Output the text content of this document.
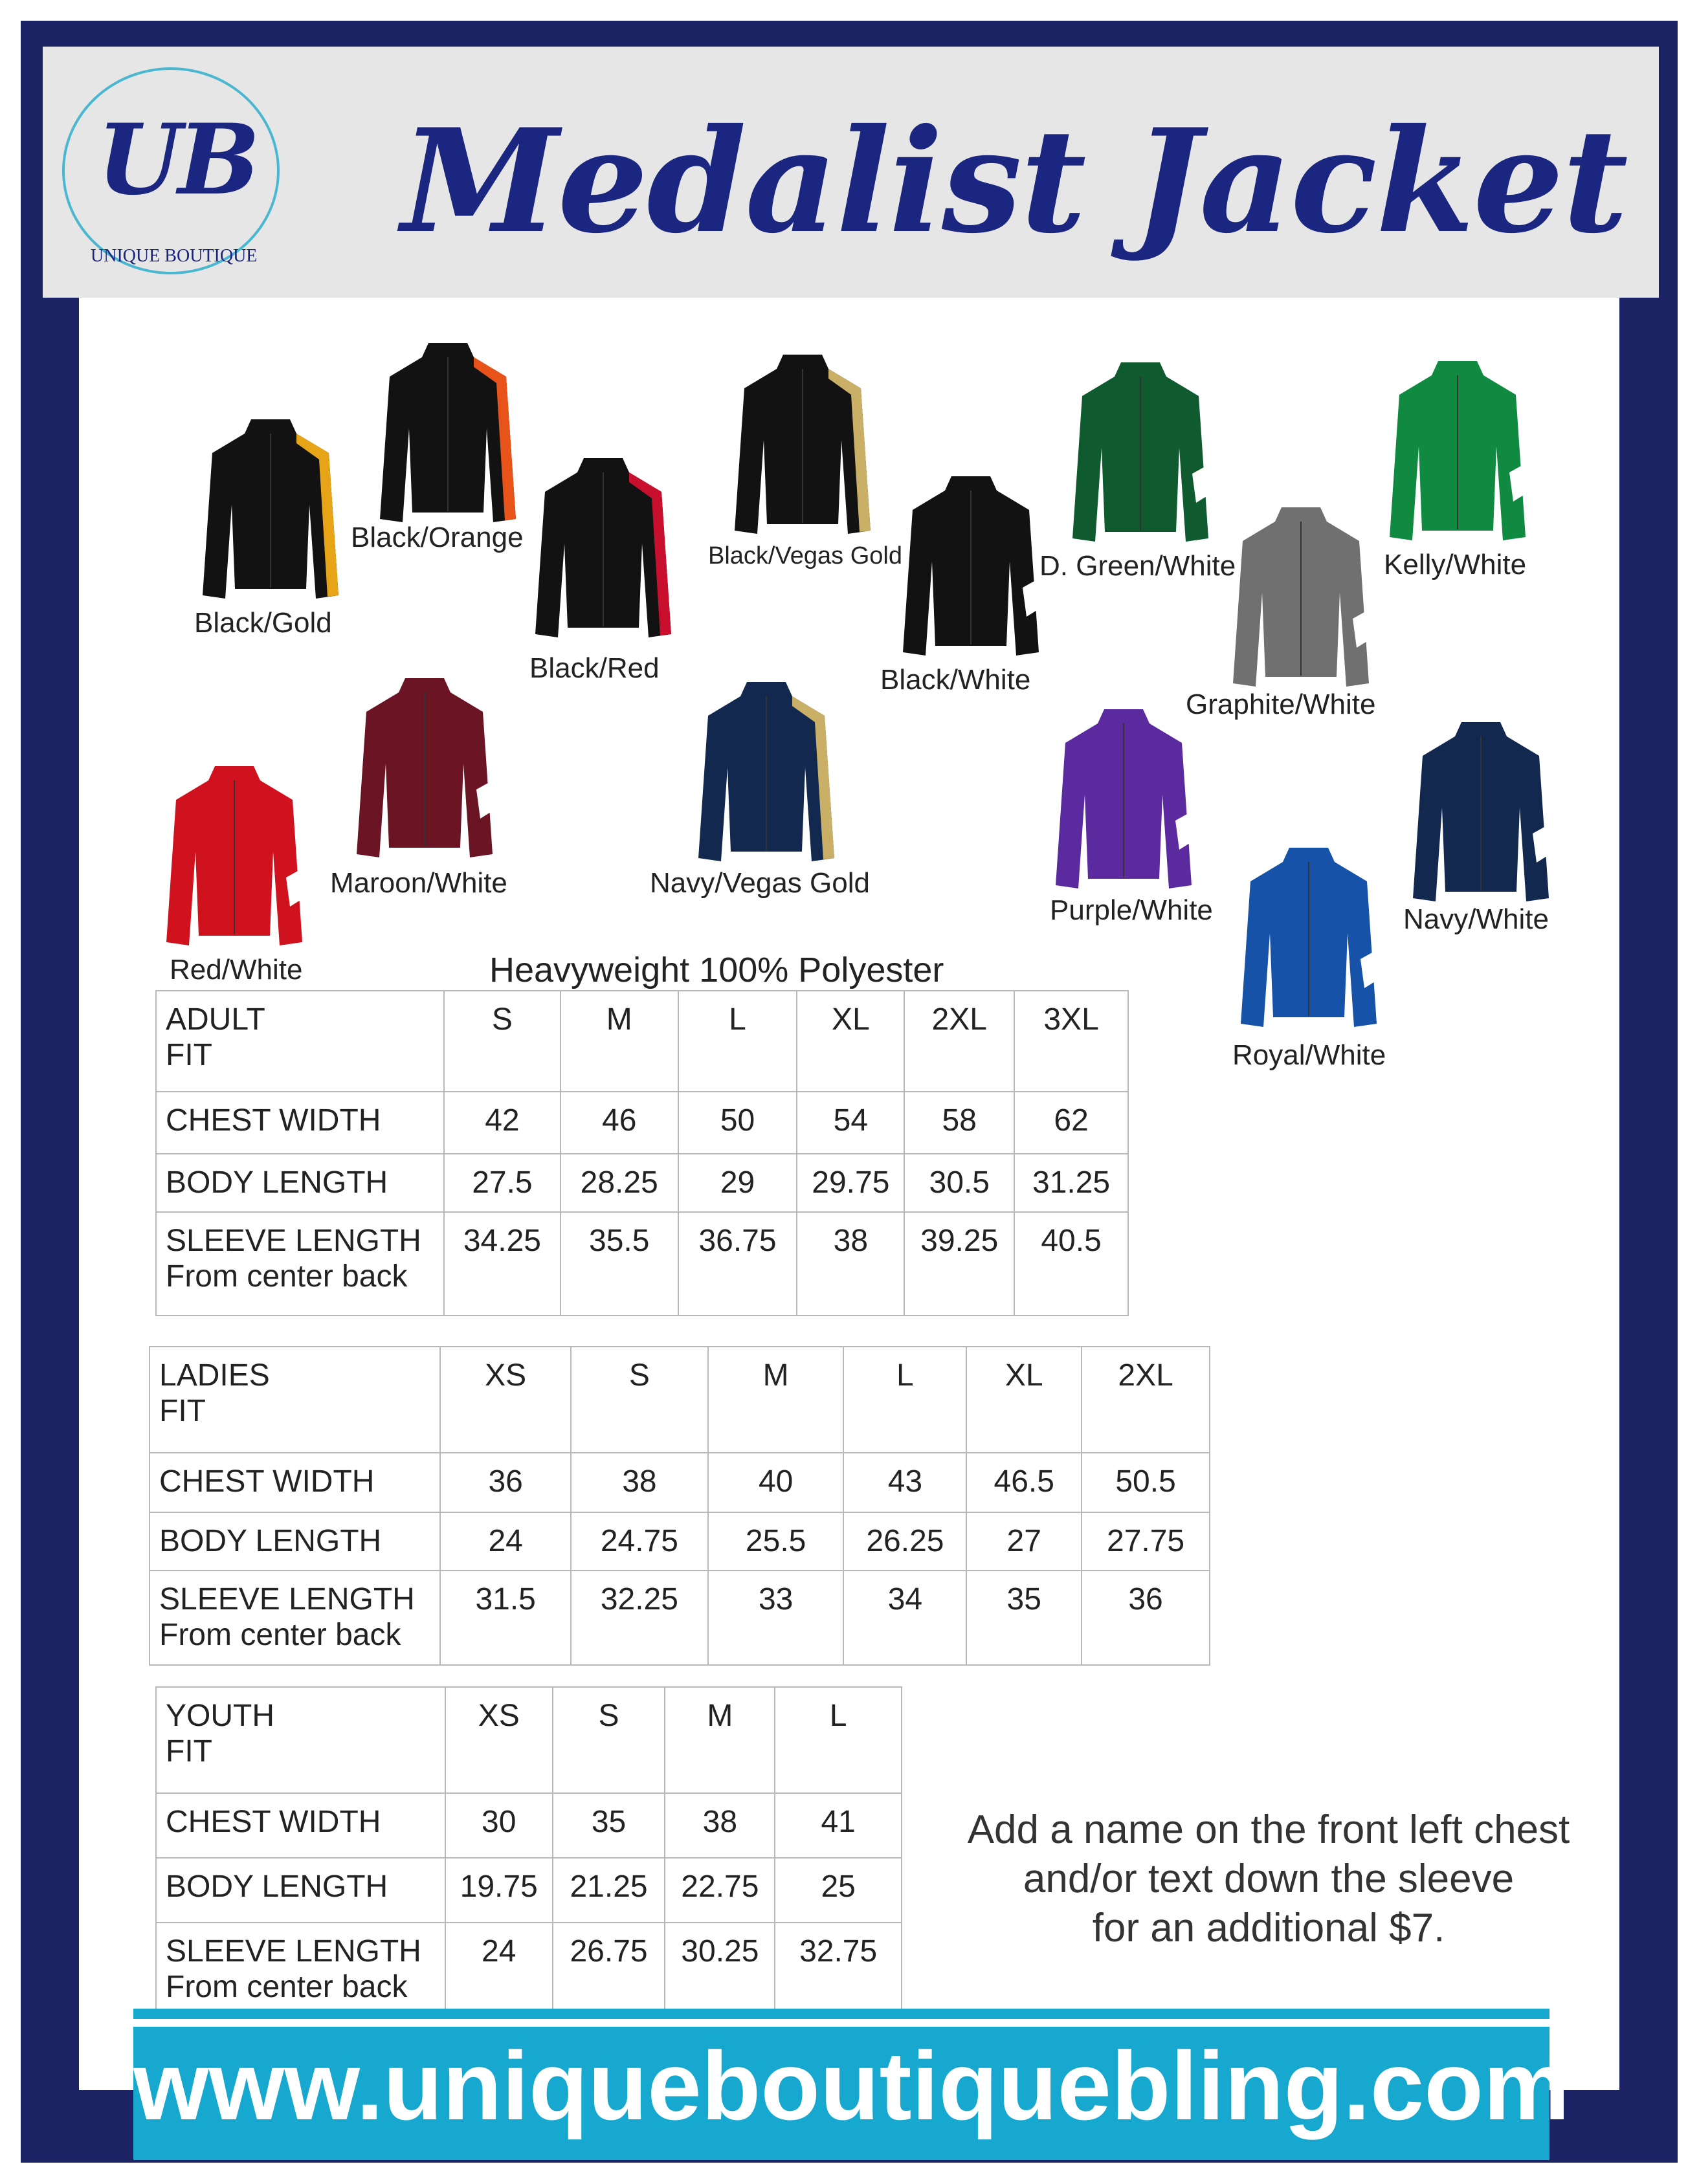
UB
UNIQUE BOUTIQUE Medalist Jacket
Black/Gold
Black/Orange
Black/Red
Black/Vegas Gold
Black/White
D. Green/White
Graphite/White
Kelly/White
Red/White
Maroon/White	Navy/Vegas Gold
Purple/White
Royal/White
Navy/White
Heavyweight 100% Polyester
ADULT
FIT	S	M	L	XL	2XL	3XL
CHEST WIDTH	42	46	50	54	58	62
BODY LENGTH	27.5	28.25	29	29.75	30.5	31.25

SLEEVE LENGTH
From center back	34.25	35.5	36.75	38	39.25	40.5
LADIES
FIT	XS	S	M	L	XL	2XL
CHEST WIDTH	36	38	40	43	46.5	50.5
BODY LENGTH	24	24.75	25.5	26.25	27	27.75

SLEEVE LENGTH
From center back	31.5	32.25	33	34	35	36
YOUTH
FIT	XS	S	M	L
CHEST WIDTH	30	35	38	41
BODY LENGTH	19.75	21.25	22.75	25

SLEEVE LENGTH
From center back	24	26.75	30.25	32.75
Add a name on the front left chest
and/or text down the sleeve
for an additional $7.
www.uniqueboutiquebling.com
